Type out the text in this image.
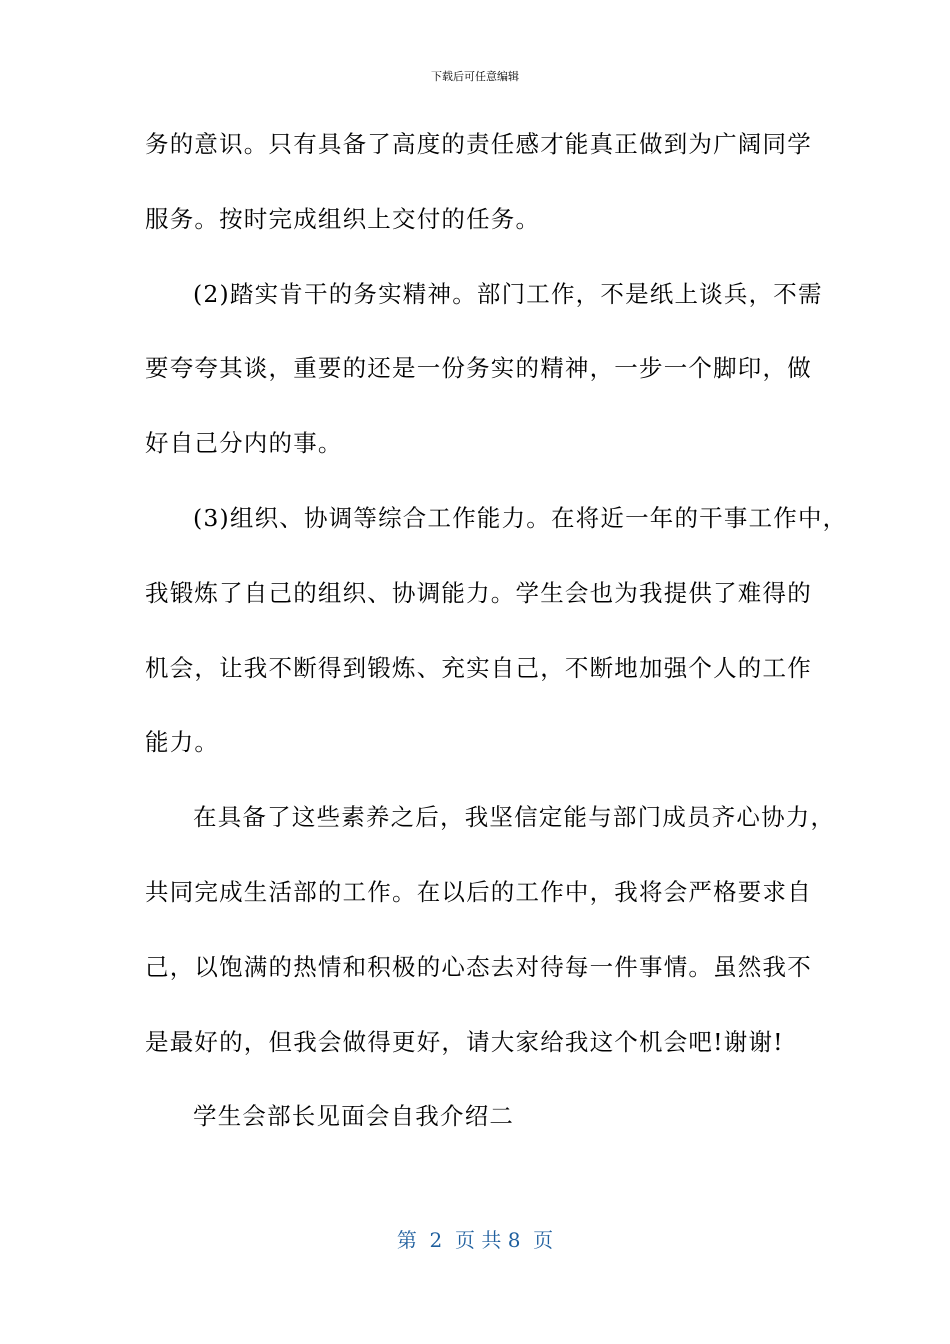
下载后可任意编辑
务的意识。只有具备了高度的责任感才能真正做到为广阔同学
服务。按时完成组织上交付的任务。
(2)踏实肯干的务实精神。部门工作，不是纸上谈兵，不需
要夸夸其谈，重要的还是一份务实的精神，一步一个脚印，做
好自己分内的事。
(3)组织、协调等综合工作能力。在将近一年的干事工作中，
我锻炼了自己的组织、协调能力。学生会也为我提供了难得的
机会，让我不断得到锻炼、充实自己，不断地加强个人的工作
能力。
在具备了这些素养之后，我坚信定能与部门成员齐心协力，
共同完成生活部的工作。在以后的工作中，我将会严格要求自
己，以饱满的热情和积极的心态去对待每一件事情。虽然我不
是最好的，但我会做得更好，请大家给我这个机会吧!谢谢!
学生会部长见面会自我介绍二
第  2  页 共 8  页
